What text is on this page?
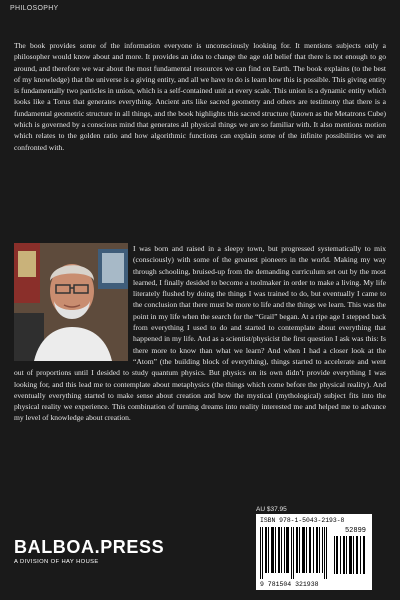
PHILOSOPHY
The book provides some of the information everyone is unconsciously looking for. It mentions subjects only a philosopher would know about and more. It provides an idea to change the age old belief that there is not enough to go around, and therefore we war about the most fundamental resources we can find on Earth. The book explains (to the best of my knowledge) that the universe is a giving entity, and all we have to do is learn how this is possible. This giving entity is fundamentally two particles in union, which is a self-contained unit at every scale. This union is a dynamic entity which looks like a Torus that generates everything. Ancient arts like sacred geometry and others are testimony that there is a fundamental geometric structure in all things, and the book highlights this sacred structure (known as the Metatrons Cube) which is governed by a conscious mind that generates all physical things we are so familiar with. It also mentions motion which relates to the golden ratio and how algorithmic functions can explain some of the infinite possibilities we are confronted with.
I was born and raised in a sleepy town, but progressed systematically to mix (consciously) with some of the greatest pioneers in the world. Making my way through schooling, bruised-up from the demanding curriculum set out by the most learned, I finally desided to become a toolmaker in order to make a living. My life literately flushed by doing the things I was trained to do, but eventually I came to the conclusion that there must be more to life and the things we learn. This was the point in my life when the search for the “Grail” began. At a ripe age I stepped back from everything I used to do and started to contemplate about everything that happened in my life. And as a scientist/physicist the first question I ask was this: Is there more to know than what we learn? And when I had a closer look at the “Atom” (the building block of everything), things started to accelerate and went out of proportions until I desided to study quantum physics. But physics on its own didn’t provide everything I was looking for, and this lead me to contemplate about metaphysics (the things which come before the physical reality). And eventually everything started to make sense about creation and how the mystical (mythological) subject fits into the physical reality we experience. This combination of turning dreams into reality interested me and helped me to advance my level of knowledge about creation.
AU $37.95
ISBN 978-1-5043-2193-8
52899
9 781504 321938
BALBOA.PRESS
A DIVISION OF HAY HOUSE
